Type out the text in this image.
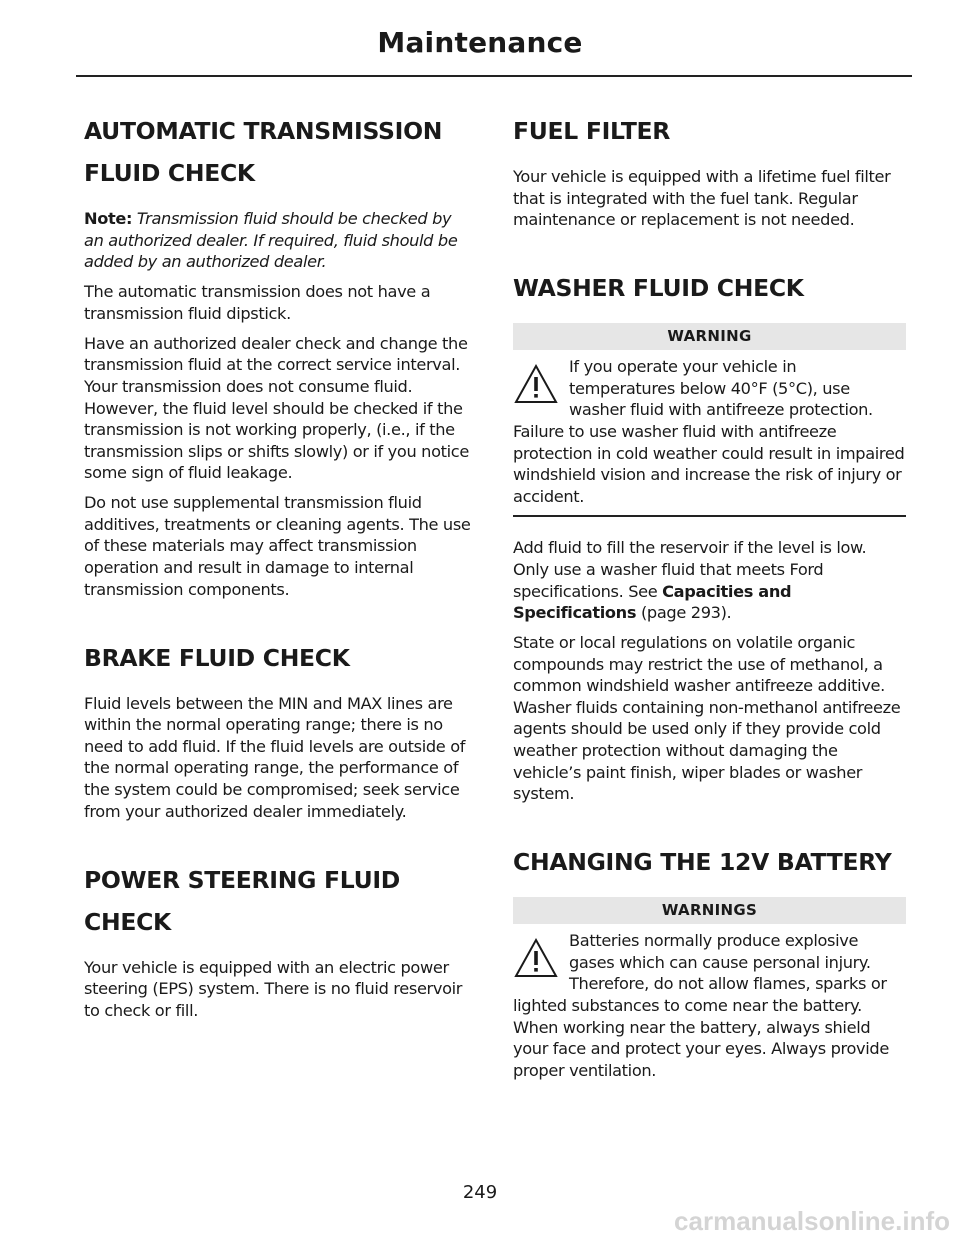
Maintenance
AUTOMATIC TRANSMISSION FLUID CHECK

Note: Transmission fluid should be checked by an authorized dealer. If required, fluid should be added by an authorized dealer.

The automatic transmission does not have a transmission fluid dipstick.

Have an authorized dealer check and change the transmission fluid at the correct service interval. Your transmission does not consume fluid. However, the fluid level should be checked if the transmission is not working properly, (i.e., if the transmission slips or shifts slowly) or if you notice some sign of fluid leakage.

Do not use supplemental transmission fluid additives, treatments or cleaning agents. The use of these materials may affect transmission operation and result in damage to internal transmission components.

BRAKE FLUID CHECK

Fluid levels between the MIN and MAX lines are within the normal operating range; there is no need to add fluid. If the fluid levels are outside of the normal operating range, the performance of the system could be compromised; seek service from your authorized dealer immediately.

POWER STEERING FLUID CHECK

Your vehicle is equipped with an electric power steering (EPS) system. There is no fluid reservoir to check or fill.

FUEL FILTER

Your vehicle is equipped with a lifetime fuel filter that is integrated with the fuel tank. Regular maintenance or replacement is not needed.

WASHER FLUID CHECK
WARNING

If you operate your vehicle in temperatures below 40°F (5°C), use washer fluid with antifreeze protection. Failure to use washer fluid with antifreeze protection in cold weather could result in impaired windshield vision and increase the risk of injury or accident.

Add fluid to fill the reservoir if the level is low. Only use a washer fluid that meets Ford specifications. See Capacities and Specifications (page 293).

State or local regulations on volatile organic compounds may restrict the use of methanol, a common windshield washer antifreeze additive. Washer fluids containing non-methanol antifreeze agents should be used only if they provide cold weather protection without damaging the vehicle’s paint finish, wiper blades or washer system.

CHANGING THE 12V BATTERY
WARNINGS

Batteries normally produce explosive gases which can cause personal injury. Therefore, do not allow flames, sparks or lighted substances to come near the battery. When working near the battery, always shield your face and protect your eyes. Always provide proper ventilation.

249
carmanualsonline.info
